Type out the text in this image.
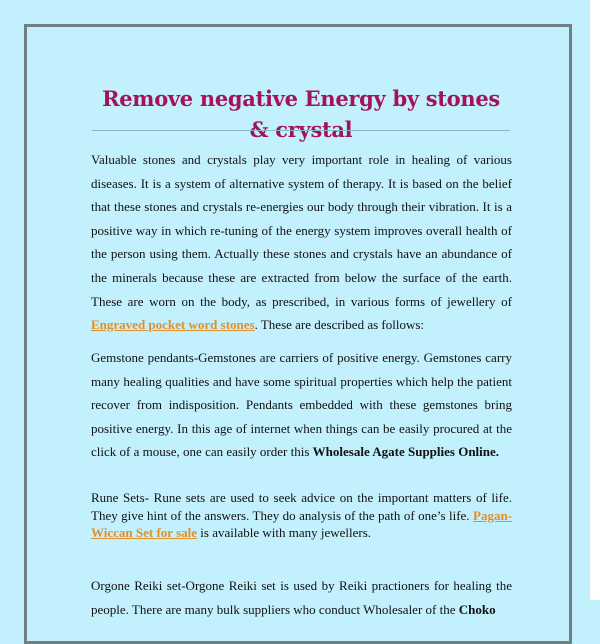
Remove negative Energy by stones & crystal

Valuable stones and crystals play very important role in healing of various diseases. It is a system of alternative system of therapy. It is based on the belief that these stones and crystals re-energies our body through their vibration. It is a positive way in which re-tuning of the energy system improves overall health of the person using them. Actually these stones and crystals have an abundance of the minerals because these are extracted from below the surface of the earth. These are worn on the body, as prescribed, in various forms of jewellery of Engraved pocket word stones. These are described as follows:

Gemstone pendants-Gemstones are carriers of positive energy. Gemstones carry many healing qualities and have some spiritual properties which help the patient recover from indisposition. Pendants embedded with these gemstones bring positive energy. In this age of internet when things can be easily procured at the click of a mouse, one can easily order this Wholesale Agate Supplies Online.

Rune Sets- Rune sets are used to seek advice on the important matters of life. They give hint of the answers. They do analysis of the path of one’s life. Pagan-Wiccan Set for sale is available with many jewellers.

Orgone Reiki set-Orgone Reiki set is used by Reiki practioners for healing the people. There are many bulk suppliers who conduct Wholesaler of the Choko
